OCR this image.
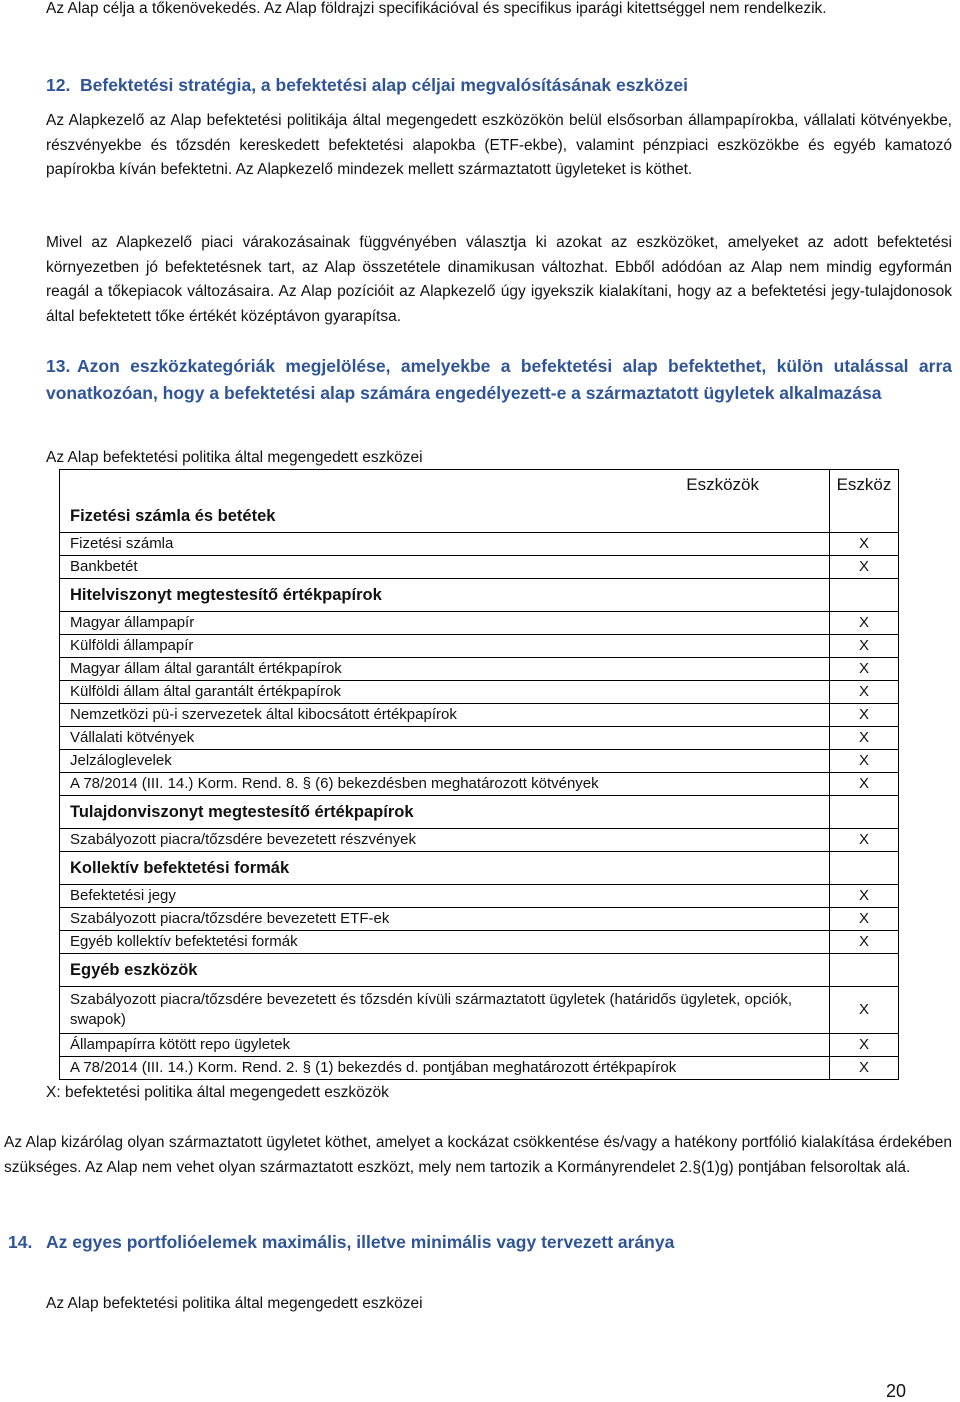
Az Alap célja a tőkenövekedés. Az Alap földrajzi specifikációval és specifikus iparági kitettséggel nem rendelkezik.
12. Befektetési stratégia, a befektetési alap céljai megvalósításának eszközei
Az Alapkezelő az Alap befektetési politikája által megengedett eszközökön belül elsősorban állampapírokba, vállalati kötvényekbe, részvényekbe és tőzsdén kereskedett befektetési alapokba (ETF-ekbe), valamint pénzpiaci eszközökbe és egyéb kamatozó papírokba kíván befektetni. Az Alapkezelő mindezek mellett származtatott ügyleteket is köthet.
Mivel az Alapkezelő piaci várakozásainak függvényében választja ki azokat az eszközöket, amelyeket az adott befektetési környezetben jó befektetésnek tart, az Alap összetétele dinamikusan változhat. Ebből adódóan az Alap nem mindig egyformán reagál a tőkepiacok változásaira. Az Alap pozícióit az Alapkezelő úgy igyekszik kialakítani, hogy az a befektetési jegy-tulajdonosok által befektetett tőke értékét középtávon gyarapítsa.
13. Azon eszközkategóriák megjelölése, amelyekbe a befektetési alap befektethet, külön utalással arra vonatkozóan, hogy a befektetési alap számára engedélyezett-e a származtatott ügyletek alkalmazása
Az Alap befektetési politika által megengedett eszközei
Eszközök	Eszköz
Fizetési számla és betétek	
Fizetési számla	X
Bankbetét	X
Hitelviszonyt megtestesítő értékpapírok	
Magyar állampapír	X
Külföldi állampapír	X
Magyar állam által garantált értékpapírok	X
Külföldi állam által garantált értékpapírok	X
Nemzetközi pü-i szervezetek által kibocsátott értékpapírok	X
Vállalati kötvények	X
Jelzáloglevelek	X
A 78/2014 (III. 14.) Korm. Rend. 8. § (6) bekezdésben meghatározott kötvények	X
Tulajdonviszonyt megtestesítő értékpapírok	
Szabályozott piacra/tőzsdére bevezetett részvények	X
Kollektív befektetési formák	
Befektetési jegy	X
Szabályozott piacra/tőzsdére bevezetett ETF-ek	X
Egyéb kollektív befektetési formák	X
Egyéb eszközök	
Szabályozott piacra/tőzsdére bevezetett és tőzsdén kívüli származtatott ügyletek (határidős ügyletek, opciók, swapok)	X
Állampapírra kötött repo ügyletek	X
A 78/2014 (III. 14.) Korm. Rend. 2. § (1) bekezdés d. pontjában meghatározott értékpapírok	X
X: befektetési politika által megengedett eszközök
Az Alap kizárólag olyan származtatott ügyletet köthet, amelyet a kockázat csökkentése és/vagy a hatékony portfólió kialakítása érdekében szükséges. Az Alap nem vehet olyan származtatott eszközt, mely nem tartozik a Kormányrendelet 2.§(1)g) pontjában felsoroltak alá.
14. Az egyes portfolióelemek maximális, illetve minimális vagy tervezett aránya
Az Alap befektetési politika által megengedett eszközei
20
